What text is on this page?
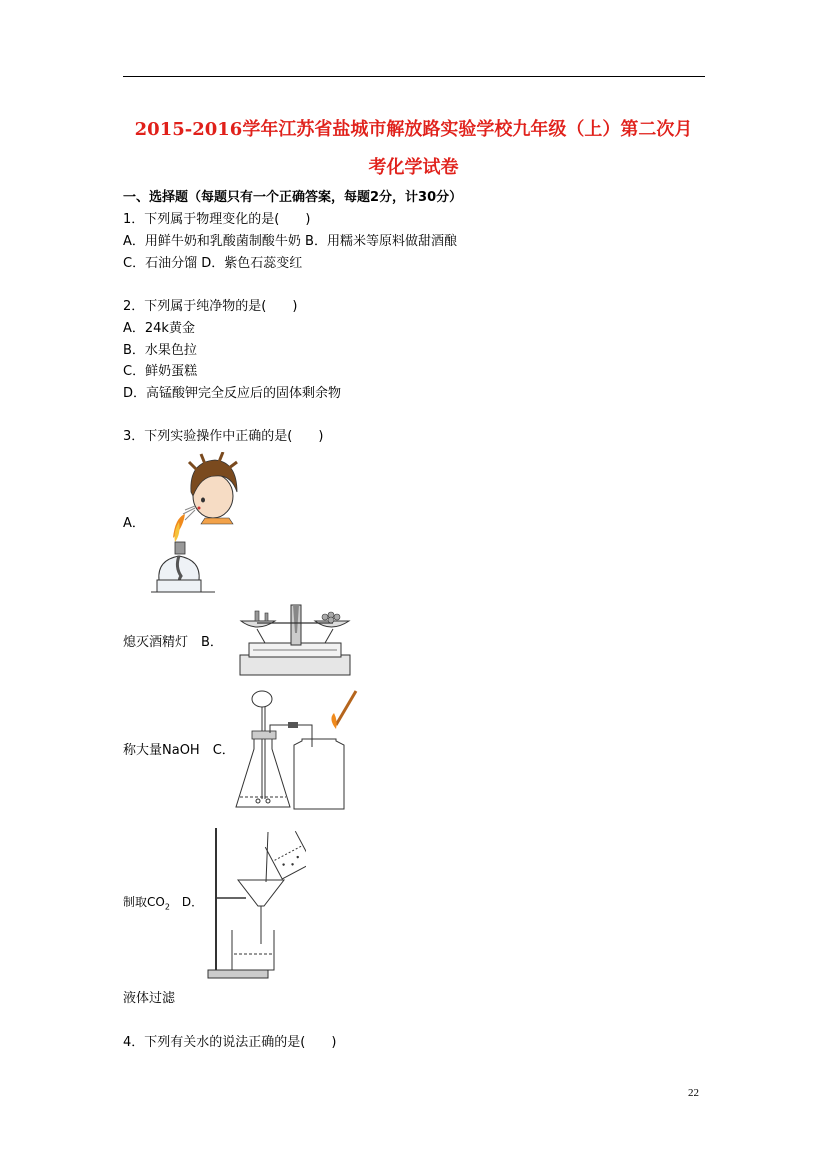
2015-2016学年江苏省盐城市解放路实验学校九年级（上）第二次月
考化学试卷
一、选择题（每题只有一个正确答案，每题2分，计30分）
1．下列属于物理变化的是(　　)
A．用鲜牛奶和乳酸菌制酸牛奶 B．用糯米等原料做甜酒酿
C．石油分馏 D．紫色石蕊变红
2．下列属于纯净物的是(　　)
A．24k黄金
B．水果色拉
C．鲜奶蛋糕
D．高锰酸钾完全反应后的固体剩余物
3．下列实验操作中正确的是(　　)
A．
熄灭酒精灯　B．
称大量NaOH　C．
制取$CO_2$　D．
液体过滤
4．下列有关水的说法正确的是(　　)
22
